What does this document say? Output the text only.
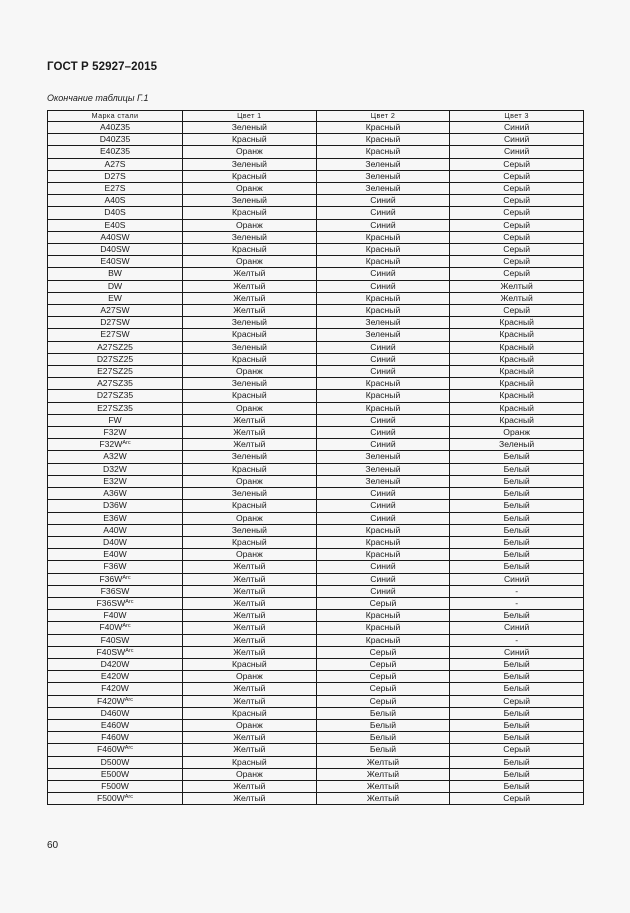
ГОСТ Р 52927–2015
Окончание таблицы Г.1
Марка стали	Цвет 1	Цвет 2	Цвет 3
A40Z35	Зеленый	Красный	Синий
D40Z35	Красный	Красный	Синий
E40Z35	Оранж	Красный	Синий
A27S	Зеленый	Зеленый	Серый
D27S	Красный	Зеленый	Серый
E27S	Оранж	Зеленый	Серый
A40S	Зеленый	Синий	Серый
D40S	Красный	Синий	Серый
E40S	Оранж	Синий	Серый
A40SW	Зеленый	Красный	Серый
D40SW	Красный	Красный	Серый
E40SW	Оранж	Красный	Серый
BW	Желтый	Синий	Серый
DW	Желтый	Синий	Желтый
EW	Желтый	Красный	Желтый
A27SW	Желтый	Красный	Серый
D27SW	Зеленый	Зеленый	Красный
E27SW	Красный	Зеленый	Красный
A27SZ25	Зеленый	Синий	Красный
D27SZ25	Красный	Синий	Красный
E27SZ25	Оранж	Синий	Красный
A27SZ35	Зеленый	Красный	Красный
D27SZ35	Красный	Красный	Красный
E27SZ35	Оранж	Красный	Красный
FW	Желтый	Синий	Красный
F32W	Желтый	Синий	Оранж
$F32W^{Arc}$	Желтый	Синий	Зеленый
A32W	Зеленый	Зеленый	Белый
D32W	Красный	Зеленый	Белый
E32W	Оранж	Зеленый	Белый
A36W	Зеленый	Синий	Белый
D36W	Красный	Синий	Белый
E36W	Оранж	Синий	Белый
A40W	Зеленый	Красный	Белый
D40W	Красный	Красный	Белый
E40W	Оранж	Красный	Белый
F36W	Желтый	Синий	Белый
$F36W^{Arc}$	Желтый	Синий	Синий
F36SW	Желтый	Синий	-
$F36SW^{Arc}$	Желтый	Серый	-
F40W	Желтый	Красный	Белый
$F40W^{Arc}$	Желтый	Красный	Синий
F40SW	Желтый	Красный	-
$F40SW^{Arc}$	Желтый	Серый	Синий
D420W	Красный	Серый	Белый
E420W	Оранж	Серый	Белый
F420W	Желтый	Серый	Белый
$F420W^{Arc}$	Желтый	Серый	Серый
D460W	Красный	Белый	Белый
E460W	Оранж	Белый	Белый
F460W	Желтый	Белый	Белый
$F460W^{Arc}$	Желтый	Белый	Серый
D500W	Красный	Желтый	Белый
E500W	Оранж	Желтый	Белый
F500W	Желтый	Желтый	Белый
$F500W^{Arc}$	Желтый	Желтый	Серый
60
